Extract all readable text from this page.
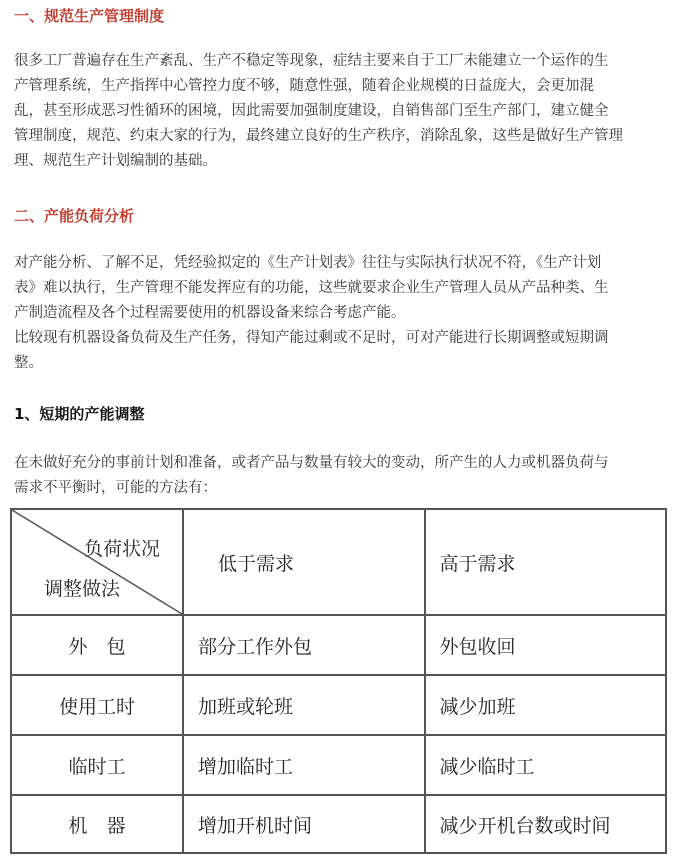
一、规范生产管理制度

很多工厂普遍存在生产紊乱、生产不稳定等现象，症结主要来自于工厂未能建立一个运作的生
产管理系统，生产指挥中心管控力度不够，随意性强，随着企业规模的日益庞大，会更加混
乱，甚至形成恶习性循环的困境，因此需要加强制度建设，自销售部门至生产部门，建立健全
管理制度，规范、约束大家的行为，最终建立良好的生产秩序，消除乱象，这些是做好生产管理
理、规范生产计划编制的基础。

二、产能负荷分析

对产能分析、了解不足，凭经验拟定的《生产计划表》往往与实际执行状况不符，《生产计划
表》难以执行，生产管理不能发挥应有的功能，这些就要求企业生产管理人员从产品种类、生
产制造流程及各个过程需要使用的机器设备来综合考虑产能。
比较现有机器设备负荷及生产任务，得知产能过剩或不足时，可对产能进行长期调整或短期调
整。

1、短期的产能调整

在未做好充分的事前计划和准备，或者产品与数量有较大的变动，所产生的人力或机器负荷与
需求不平衡时，可能的方法有：

负荷状况
调整做法	低于需求	高于需求
外　包	部分工作外包	外包收回
使用工时	加班或轮班	减少加班
临时工	增加临时工	减少临时工
机　器	增加开机时间	减少开机台数或时间
